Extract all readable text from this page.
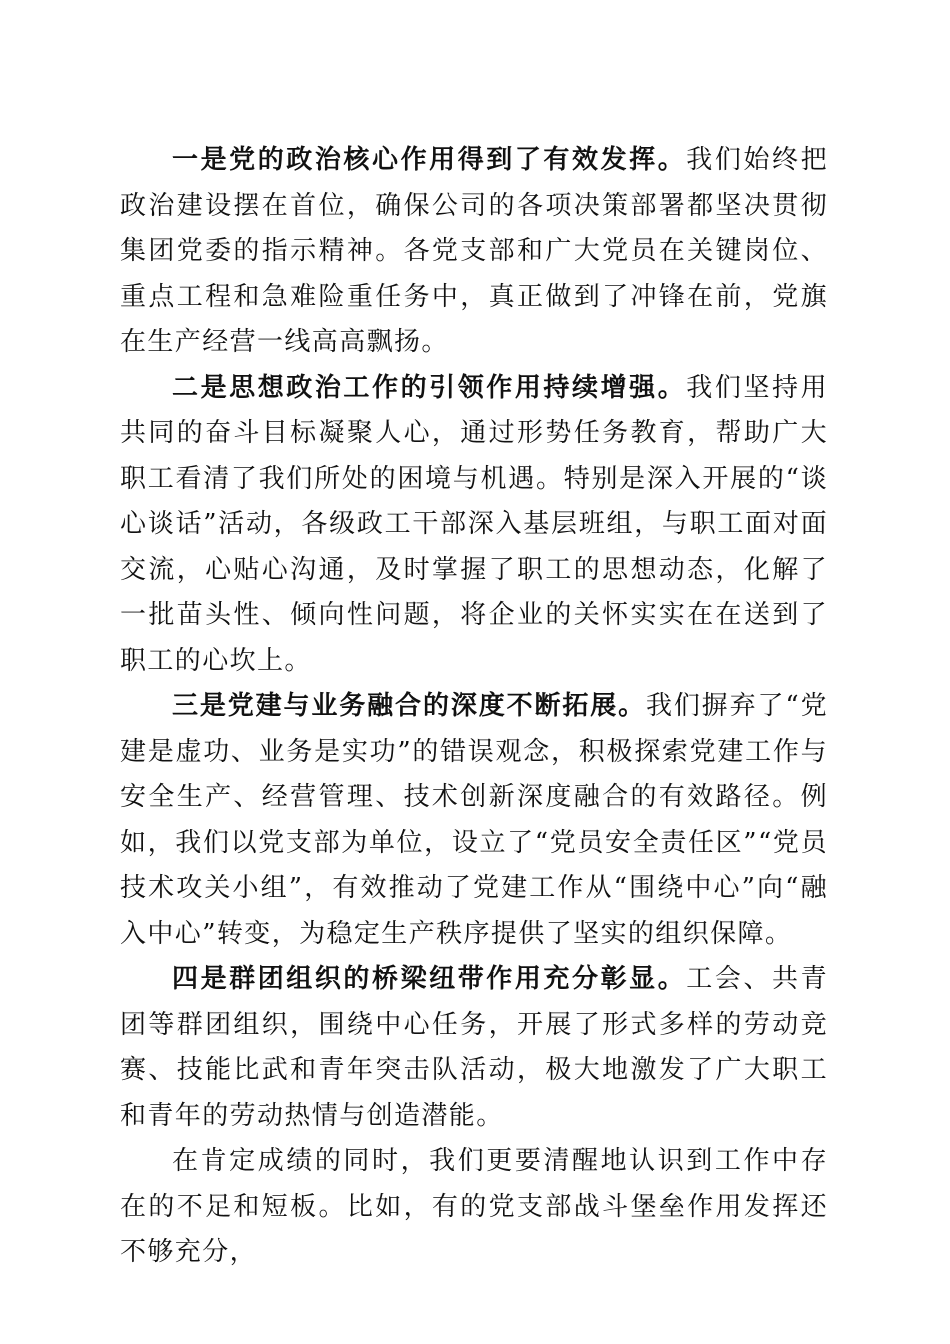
一是党的政治核心作用得到了有效发挥。我们始终把政治建设摆在首位，确保公司的各项决策部署都坚决贯彻集团党委的指示精神。各党支部和广大党员在关键岗位、重点工程和急难险重任务中，真正做到了冲锋在前，党旗在生产经营一线高高飘扬。

二是思想政治工作的引领作用持续增强。我们坚持用共同的奋斗目标凝聚人心，通过形势任务教育，帮助广大职工看清了我们所处的困境与机遇。特别是深入开展的“谈心谈话”活动，各级政工干部深入基层班组，与职工面对面交流，心贴心沟通，及时掌握了职工的思想动态，化解了一批苗头性、倾向性问题，将企业的关怀实实在在送到了职工的心坎上。

三是党建与业务融合的深度不断拓展。我们摒弃了“党建是虚功、业务是实功”的错误观念，积极探索党建工作与安全生产、经营管理、技术创新深度融合的有效路径。例如，我们以党支部为单位，设立了“党员安全责任区”“党员技术攻关小组”，有效推动了党建工作从“围绕中心”向“融入中心”转变，为稳定生产秩序提供了坚实的组织保障。

四是群团组织的桥梁纽带作用充分彰显。工会、共青团等群团组织，围绕中心任务，开展了形式多样的劳动竞赛、技能比武和青年突击队活动，极大地激发了广大职工和青年的劳动热情与创造潜能。

在肯定成绩的同时，我们更要清醒地认识到工作中存在的不足和短板。比如，有的党支部战斗堡垒作用发挥还不够充分，
